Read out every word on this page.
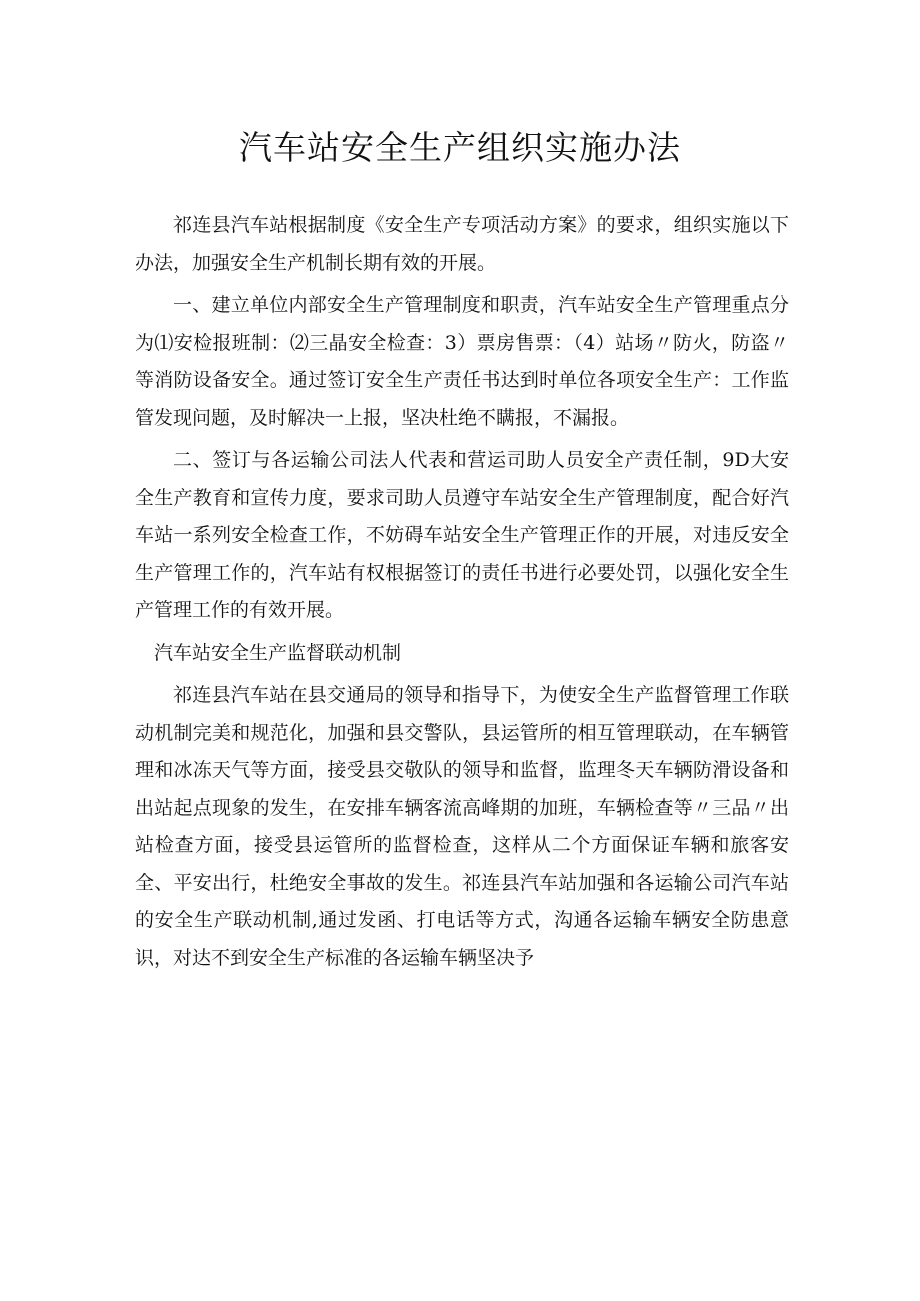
汽车站安全生产组织实施办法

祁连县汽车站根据制度《安全生产专项活动方案》的要求，组织实施以下办法，加强安全生产机制长期有效的开展。

一、建立单位内部安全生产管理制度和职责，汽车站安全生产管理重点分为⑴安检报班制：⑵三晶安全检查：3）票房售票：（4）站场〃防火，防盗〃等消防设备安全。通过签订安全生产责任书达到时单位各项安全生产：工作监管发现问题，及时解决一上报，坚决杜绝不瞒报，不漏报。

二、签订与各运输公司法人代表和营运司助人员安全产责任制，9D大安全生产教育和宣传力度，要求司助人员遵守车站安全生产管理制度，配合好汽车站一系列安全检查工作，不妨碍车站安全生产管理正作的开展，对违反安全生产管理工作的，汽车站有权根据签订的责任书进行必要处罚，以强化安全生产管理工作的有效开展。

汽车站安全生产监督联动机制

祁连县汽车站在县交通局的领导和指导下，为使安全生产监督管理工作联动机制完美和规范化，加强和县交警队，县运管所的相互管理联动，在车辆管理和冰冻天气等方面，接受县交敬队的领导和监督，监理冬天车辆防滑设备和出站起点现象的发生，在安排车辆客流高峰期的加班，车辆检查等〃三品〃出站检查方面，接受县运管所的监督检查，这样从二个方面保证车辆和旅客安全、平安出行，杜绝安全事故的发生。祁连县汽车站加强和各运输公司汽车站的安全生产联动机制,通过发函、打电话等方式，沟通各运输车辆安全防患意识，对达不到安全生产标准的各运输车辆坚决予
